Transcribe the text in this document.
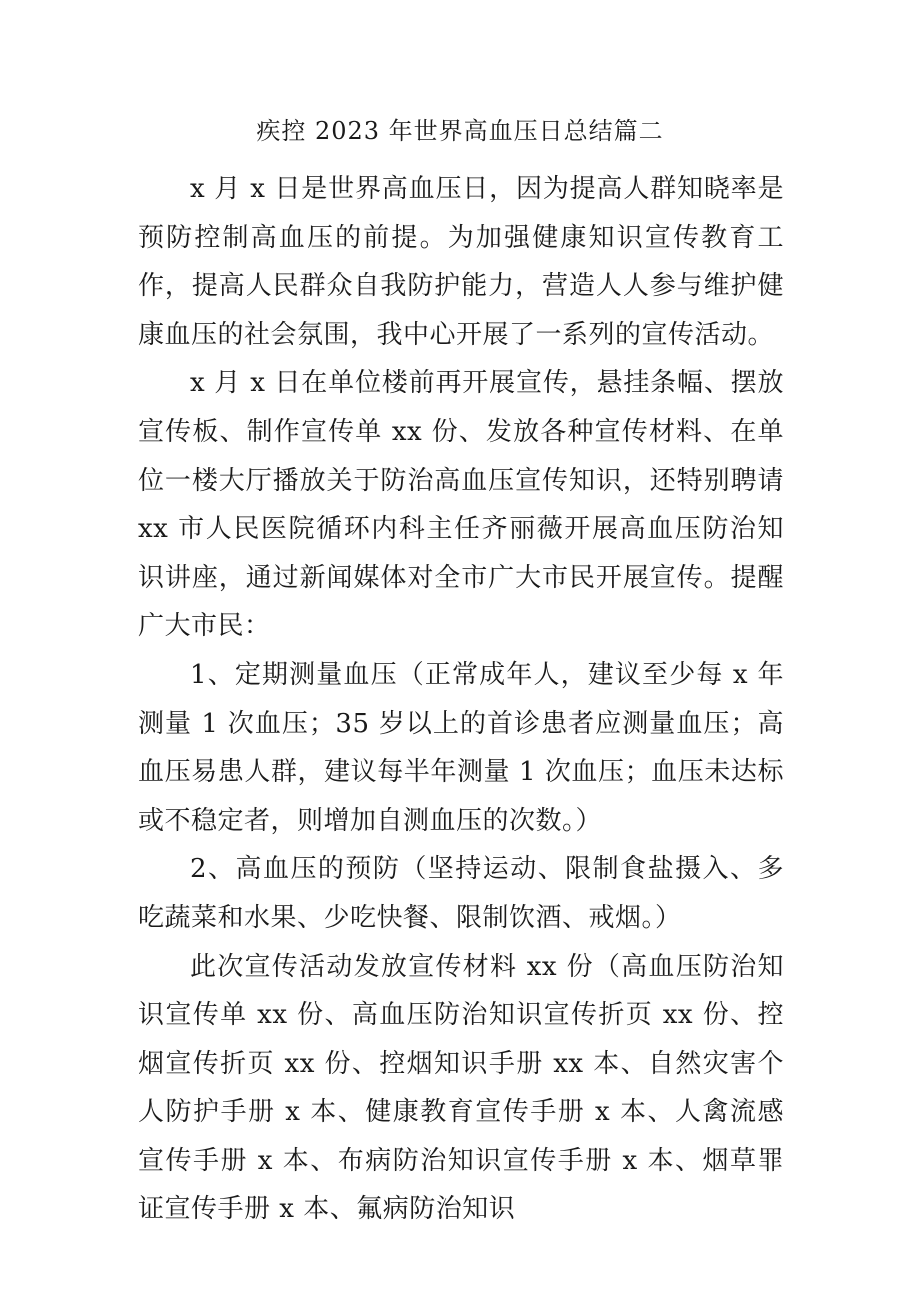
疾控 2023 年世界高血压日总结篇二

x 月 x 日是世界高血压日，因为提高人群知晓率是预防控制高血压的前提。为加强健康知识宣传教育工作，提高人民群众自我防护能力，营造人人参与维护健康血压的社会氛围，我中心开展了一系列的宣传活动。

x 月 x 日在单位楼前再开展宣传，悬挂条幅、摆放宣传板、制作宣传单 xx 份、发放各种宣传材料、在单位一楼大厅播放关于防治高血压宣传知识，还特别聘请 xx 市人民医院循环内科主任齐丽薇开展高血压防治知识讲座，通过新闻媒体对全市广大市民开展宣传。提醒广大市民：

1、定期测量血压（正常成年人，建议至少每 x 年测量 1 次血压；35 岁以上的首诊患者应测量血压；高血压易患人群，建议每半年测量 1 次血压；血压未达标或不稳定者，则增加自测血压的次数。）

2、高血压的预防（坚持运动、限制食盐摄入、多吃蔬菜和水果、少吃快餐、限制饮酒、戒烟。）

此次宣传活动发放宣传材料 xx 份（高血压防治知识宣传单 xx 份、高血压防治知识宣传折页 xx 份、控烟宣传折页 xx 份、控烟知识手册 xx 本、自然灾害个人防护手册 x 本、健康教育宣传手册 x 本、人禽流感宣传手册 x 本、布病防治知识宣传手册 x 本、烟草罪证宣传手册 x 本、氟病防治知识
